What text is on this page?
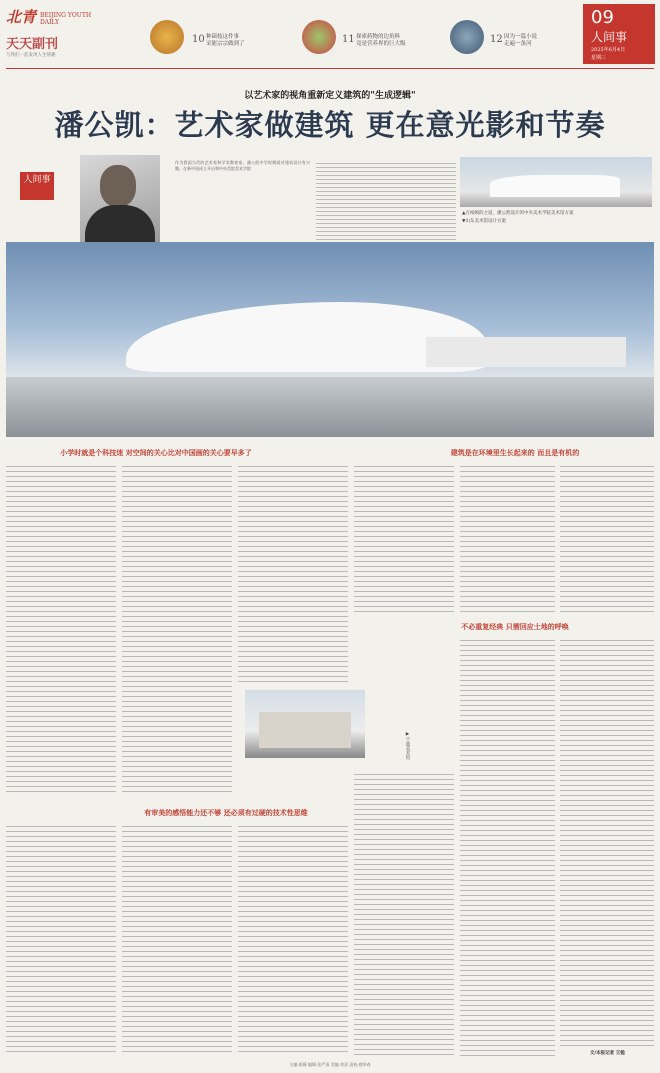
北青 BEIJING YOUTH DAILY
天天副刊
与我们一起发现人生情趣
10 种菌枝这件事
采能宗宗做到了	11 探索药物的边角料
竟是营养界的巨大级	12 因为一篇小说
走遍一条河
09
人间事
2025年6月4日
星期三
以艺术家的视角重新定义建筑的"生成逻辑"
潘公凯：艺术家做建筑 更在意光影和节奏
人间事
作为我国当代的艺术家和学术教育家，潘公凯中学时期就对建筑设计有兴趣。在新中国成立开启和中央美院美术学院
▲在纸帧的之道，潘公凯设计的中央美术学院美术馆方案
▼山东美术馆设计方案
小学时就是个科技迷 对空间的关心比对中国画的关心要早多了	建筑是在环境里生长起来的 而且是有机的
▶宁波美术馆
不必重复经典 只需回应土地的呼唤
有审美的感悟能力还不够 还必须有过硬的技术性思维
文/本报记者 王勉
主编:陈静 编辑:张严清 美编:刘双 责校:穆华春
